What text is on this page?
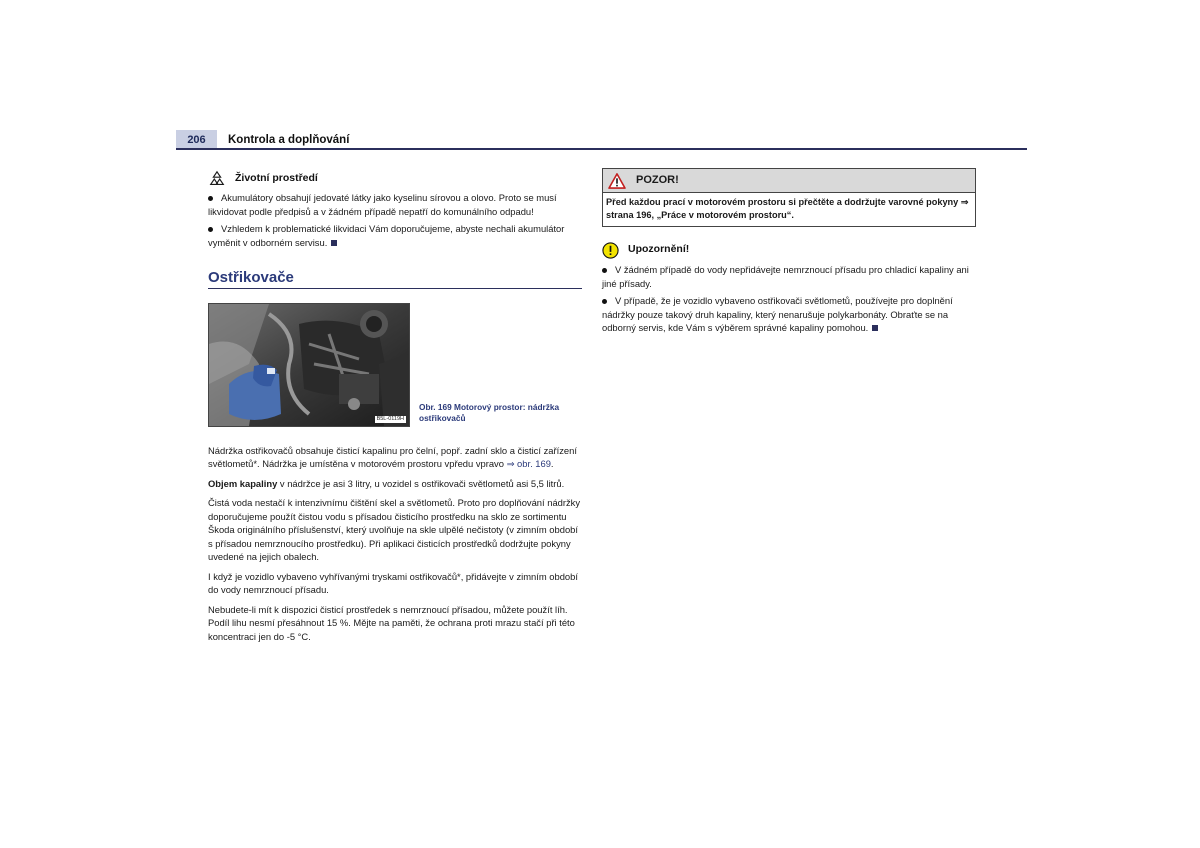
206	Kontrola a doplňování
Životní prostředí
Akumulátory obsahují jedovaté látky jako kyselinu sírovou a olovo. Proto se musí likvidovat podle předpisů a v žádném případě nepatří do komunálního odpadu!
Vzhledem k problematické likvidaci Vám doporučujeme, abyste nechali akumulátor vyměnit v odborném servisu.
Ostřikovače
B5L-0119H
Obr. 169 Motorový prostor: nádržka ostřikovačů

Nádržka ostřikovačů obsahuje čisticí kapalinu pro čelní, popř. zadní sklo a čisticí zařízení světlometů*. Nádržka je umístěna v motorovém prostoru vpředu vpravo ⇒ obr. 169.

Objem kapaliny v nádržce je asi 3 litry, u vozidel s ostřikovači světlometů asi 5,5 litrů.

Čistá voda nestačí k intenzivnímu čištění skel a světlometů. Proto pro doplňování nádržky doporučujeme použít čistou vodu s přísadou čisticího prostředku na sklo ze sortimentu Škoda originálního příslušenství, který uvolňuje na skle ulpělé nečistoty (v zimním období s přísadou nemrznoucího prostředku). Při aplikaci čisticích prostředků dodržujte pokyny uvedené na jejich obalech.

I když je vozidlo vybaveno vyhřívanými tryskami ostřikovačů*, přidávejte v zimním období do vody nemrznoucí přísadu.

Nebudete-li mít k dispozici čisticí prostředek s nemrznoucí přísadou, můžete použít líh. Podíl lihu nesmí přesáhnout 15 %. Mějte na paměti, že ochrana proti mrazu stačí při této koncentraci jen do -5 °C.

POZOR!
Před každou prací v motorovém prostoru si přečtěte a dodržujte varovné pokyny ⇒ strana 196, „Práce v motorovém prostoru“.
Upozornění!
V žádném případě do vody nepřidávejte nemrznoucí přísadu pro chladicí kapaliny ani jiné přísady.
V případě, že je vozidlo vybaveno ostřikovači světlometů, používejte pro doplnění nádržky pouze takový druh kapaliny, který nenarušuje polykarbonáty. Obraťte se na odborný servis, kde Vám s výběrem správné kapaliny pomohou.
